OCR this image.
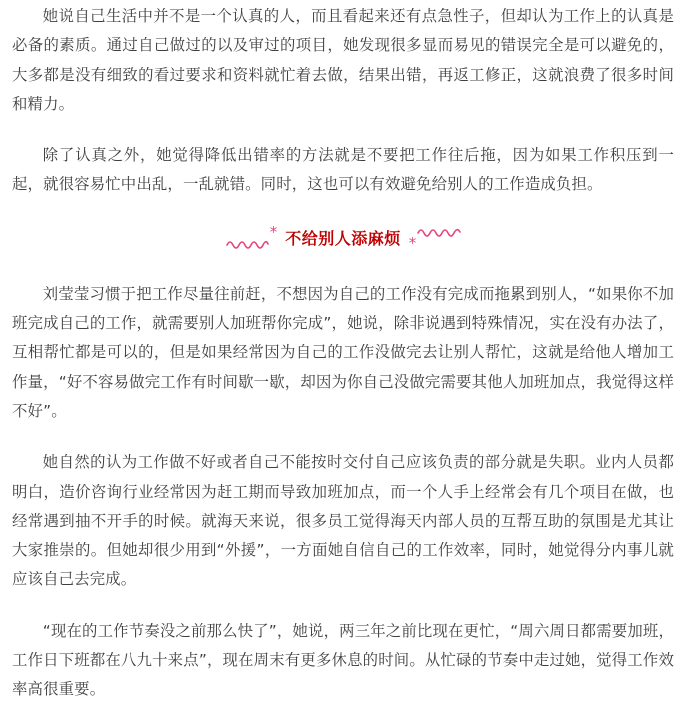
她说自己生活中并不是一个认真的人，而且看起来还有点急性子，但却认为工作上的认真是必备的素质。通过自己做过的以及审过的项目，她发现很多显而易见的错误完全是可以避免的，大多都是没有细致的看过要求和资料就忙着去做，结果出错，再返工修正，这就浪费了很多时间和精力。

除了认真之外，她觉得降低出错率的方法就是不要把工作往后拖，因为如果工作积压到一起，就很容易忙中出乱，一乱就错。同时，这也可以有效避免给别人的工作造成负担。

* 不给别人添麻烦 *

刘莹莹习惯于把工作尽量往前赶，不想因为自己的工作没有完成而拖累到别人，“如果你不加班完成自己的工作，就需要别人加班帮你完成”，她说，除非说遇到特殊情况，实在没有办法了，互相帮忙都是可以的，但是如果经常因为自己的工作没做完去让别人帮忙，这就是给他人增加工作量，“好不容易做完工作有时间歇一歇，却因为你自己没做完需要其他人加班加点，我觉得这样不好”。

她自然的认为工作做不好或者自己不能按时交付自己应该负责的部分就是失职。业内人员都明白，造价咨询行业经常因为赶工期而导致加班加点，而一个人手上经常会有几个项目在做，也经常遇到抽不开手的时候。就海天来说，很多员工觉得海天内部人员的互帮互助的氛围是尤其让大家推崇的。但她却很少用到“外援”，一方面她自信自己的工作效率，同时，她觉得分内事儿就应该自己去完成。

“现在的工作节奏没之前那么快了”，她说，两三年之前比现在更忙，“周六周日都需要加班，工作日下班都在八九十来点”，现在周末有更多休息的时间。从忙碌的节奏中走过她，觉得工作效率高很重要。
